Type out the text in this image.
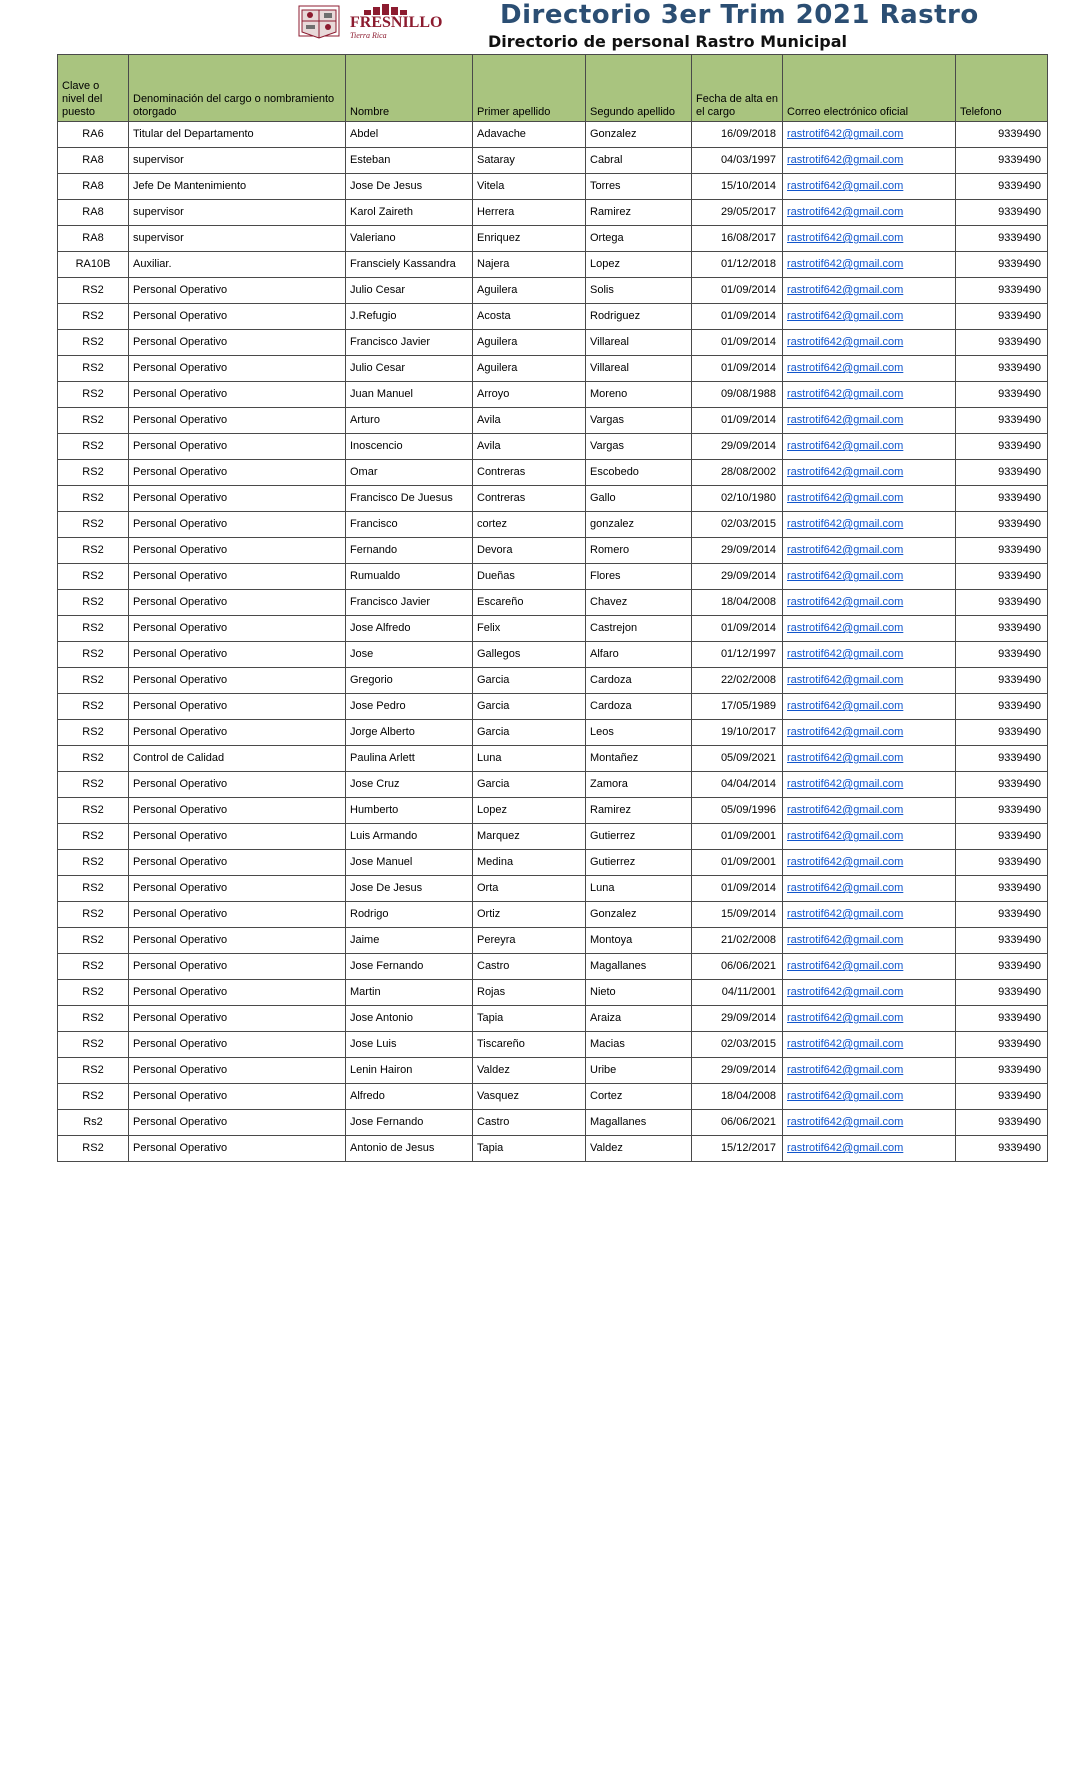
FRESNILLO
Tierra Rica
Directorio 3er Trim 2021 Rastro
Directorio de personal Rastro Municipal
Clave o nivel del puesto	Denominación del cargo o nombramiento otorgado	Nombre	Primer apellido	Segundo apellido	Fecha de alta en el cargo	Correo electrónico oficial	Telefono
RA6	Titular del Departamento	Abdel	Adavache	Gonzalez	16/09/2018	rastrotif642@gmail.com	9339490
RA8	supervisor	Esteban	Sataray	Cabral	04/03/1997	rastrotif642@gmail.com	9339490
RA8	Jefe De Mantenimiento	Jose De Jesus	Vitela	Torres	15/10/2014	rastrotif642@gmail.com	9339490
RA8	supervisor	Karol Zaireth	Herrera	Ramirez	29/05/2017	rastrotif642@gmail.com	9339490
RA8	supervisor	Valeriano	Enriquez	Ortega	16/08/2017	rastrotif642@gmail.com	9339490
RA10B	Auxiliar.	Fransciely Kassandra	Najera	Lopez	01/12/2018	rastrotif642@gmail.com	9339490
RS2	Personal Operativo	Julio Cesar	Aguilera	Solis	01/09/2014	rastrotif642@gmail.com	9339490
RS2	Personal Operativo	J.Refugio	Acosta	Rodriguez	01/09/2014	rastrotif642@gmail.com	9339490
RS2	Personal Operativo	Francisco Javier	Aguilera	Villareal	01/09/2014	rastrotif642@gmail.com	9339490
RS2	Personal Operativo	Julio Cesar	Aguilera	Villareal	01/09/2014	rastrotif642@gmail.com	9339490
RS2	Personal Operativo	Juan Manuel	Arroyo	Moreno	09/08/1988	rastrotif642@gmail.com	9339490
RS2	Personal Operativo	Arturo	Avila	Vargas	01/09/2014	rastrotif642@gmail.com	9339490
RS2	Personal Operativo	Inoscencio	Avila	Vargas	29/09/2014	rastrotif642@gmail.com	9339490
RS2	Personal Operativo	Omar	Contreras	Escobedo	28/08/2002	rastrotif642@gmail.com	9339490
RS2	Personal Operativo	Francisco De Juesus	Contreras	Gallo	02/10/1980	rastrotif642@gmail.com	9339490
RS2	Personal Operativo	Francisco	cortez	gonzalez	02/03/2015	rastrotif642@gmail.com	9339490
RS2	Personal Operativo	Fernando	Devora	Romero	29/09/2014	rastrotif642@gmail.com	9339490
RS2	Personal Operativo	Rumualdo	Dueñas	Flores	29/09/2014	rastrotif642@gmail.com	9339490
RS2	Personal Operativo	Francisco Javier	Escareño	Chavez	18/04/2008	rastrotif642@gmail.com	9339490
RS2	Personal Operativo	Jose Alfredo	Felix	Castrejon	01/09/2014	rastrotif642@gmail.com	9339490
RS2	Personal Operativo	Jose	Gallegos	Alfaro	01/12/1997	rastrotif642@gmail.com	9339490
RS2	Personal Operativo	Gregorio	Garcia	Cardoza	22/02/2008	rastrotif642@gmail.com	9339490
RS2	Personal Operativo	Jose Pedro	Garcia	Cardoza	17/05/1989	rastrotif642@gmail.com	9339490
RS2	Personal Operativo	Jorge Alberto	Garcia	Leos	19/10/2017	rastrotif642@gmail.com	9339490
RS2	Control de Calidad	Paulina Arlett	Luna	Montañez	05/09/2021	rastrotif642@gmail.com	9339490
RS2	Personal Operativo	Jose Cruz	Garcia	Zamora	04/04/2014	rastrotif642@gmail.com	9339490
RS2	Personal Operativo	Humberto	Lopez	Ramirez	05/09/1996	rastrotif642@gmail.com	9339490
RS2	Personal Operativo	Luis Armando	Marquez	Gutierrez	01/09/2001	rastrotif642@gmail.com	9339490
RS2	Personal Operativo	Jose Manuel	Medina	Gutierrez	01/09/2001	rastrotif642@gmail.com	9339490
RS2	Personal Operativo	Jose De Jesus	Orta	Luna	01/09/2014	rastrotif642@gmail.com	9339490
RS2	Personal Operativo	Rodrigo	Ortiz	Gonzalez	15/09/2014	rastrotif642@gmail.com	9339490
RS2	Personal Operativo	Jaime	Pereyra	Montoya	21/02/2008	rastrotif642@gmail.com	9339490
RS2	Personal Operativo	Jose Fernando	Castro	Magallanes	06/06/2021	rastrotif642@gmail.com	9339490
RS2	Personal Operativo	Martin	Rojas	Nieto	04/11/2001	rastrotif642@gmail.com	9339490
RS2	Personal Operativo	Jose Antonio	Tapia	Araiza	29/09/2014	rastrotif642@gmail.com	9339490
RS2	Personal Operativo	Jose Luis	Tiscareño	Macias	02/03/2015	rastrotif642@gmail.com	9339490
RS2	Personal Operativo	Lenin Hairon	Valdez	Uribe	29/09/2014	rastrotif642@gmail.com	9339490
RS2	Personal Operativo	Alfredo	Vasquez	Cortez	18/04/2008	rastrotif642@gmail.com	9339490
Rs2	Personal Operativo	Jose Fernando	Castro	Magallanes	06/06/2021	rastrotif642@gmail.com	9339490
RS2	Personal Operativo	Antonio de Jesus	Tapia	Valdez	15/12/2017	rastrotif642@gmail.com	9339490
